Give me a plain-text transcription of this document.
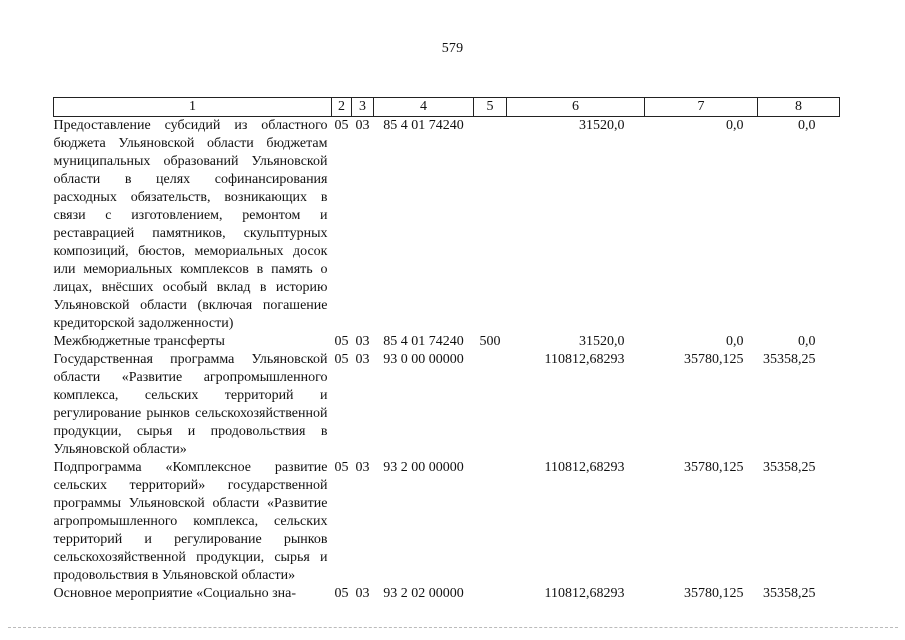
579
1	2	3	4	5	6	7	8
Предоставление субсидий из областного бюджета Ульяновской области бюджетам муниципальных образований Ульяновской области в целях софинансирования расходных обязательств, возникающих в связи с изготовлением, ремонтом и реставрацией памятников, скульптурных композиций, бюстов, мемориальных досок или мемориальных комплексов в память о лицах, внёсших особый вклад в историю Ульяновской области (включая погашение кредиторской задолженности)	05	03	85 4 01 74240		31520,0	0,0	0,0
Межбюджетные трансферты	05	03	85 4 01 74240	500	31520,0	0,0	0,0
Государственная программа Ульяновской области «Развитие агропромышленного комплекса, сельских территорий и регулирование рынков сельскохозяйственной продукции, сырья и продовольствия в Ульяновской области»	05	03	93 0 00 00000		110812,68293	35780,125	35358,25
Подпрограмма «Комплексное развитие сельских территорий» государственной программы Ульяновской области «Развитие агропромышленного комплекса, сельских территорий и регулирование рынков сельскохозяйственной продукции, сырья и продовольствия в Ульяновской области»	05	03	93 2 00 00000		110812,68293	35780,125	35358,25
Основное мероприятие «Социально зна-	05	03	93 2 02 00000		110812,68293	35780,125	35358,25
